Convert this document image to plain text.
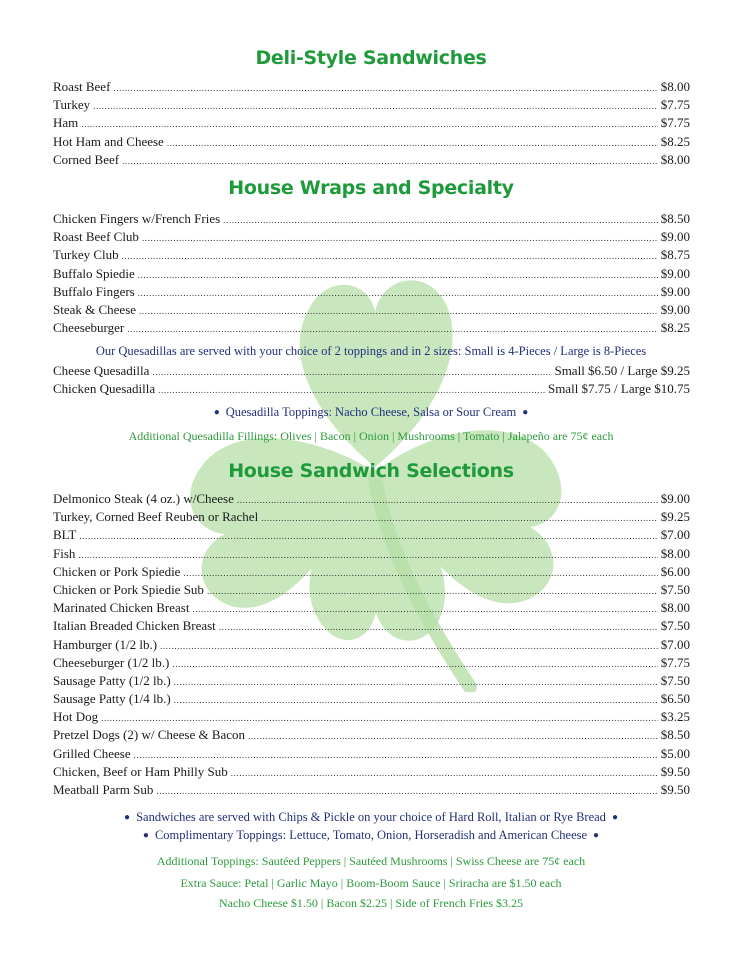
Deli-Style Sandwiches
Roast Beef .....	$8.00
Turkey .....	$7.75
Ham .....	$7.75
Hot Ham and Cheese .....	$8.25
Corned Beef .....	$8.00
House Wraps and Specialty
Chicken Fingers w/French Fries .....	$8.50
Roast Beef Club .....	$9.00
Turkey Club .....	$8.75
Buffalo Spiedie .....	$9.00
Buffalo Fingers .....	$9.00
Steak & Cheese .....	$9.00
Cheeseburger .....	$8.25

Our Quesadillas are served with your choice of 2 toppings and in 2 sizes: Small is 4-Pieces / Large is 8-Pieces

Cheese Quesadilla .....	Small $6.50 / Large $9.25
Chicken Quesadilla .....	Small $7.75 / Large $10.75

● Quesadilla Toppings: Nacho Cheese, Salsa or Sour Cream ●

Additional Quesadilla Fillings: Olives | Bacon | Onion | Mushrooms | Tomato | Jalapeño are 75¢ each

House Sandwich Selections
Delmonico Steak (4 oz.) w/Cheese .....	$9.00
Turkey, Corned Beef Reuben or Rachel .....	$9.25
BLT .....	$7.00
Fish .....	$8.00
Chicken or Pork Spiedie .....	$6.00
Chicken or Pork Spiedie Sub .....	$7.50
Marinated Chicken Breast .....	$8.00
Italian Breaded Chicken Breast .....	$7.50
Hamburger (1/2 lb.) .....	$7.00
Cheeseburger (1/2 lb.) .....	$7.75
Sausage Patty (1/2 lb.) .....	$7.50
Sausage Patty (1/4 lb.) .....	$6.50
Hot Dog .....	$3.25
Pretzel Dogs (2) w/ Cheese & Bacon .....	$8.50
Grilled Cheese .....	$5.00
Chicken, Beef or Ham Philly Sub .....	$9.50
Meatball Parm Sub .....	$9.50

● Sandwiches are served with Chips & Pickle on your choice of Hard Roll, Italian or Rye Bread ●

● Complimentary Toppings: Lettuce, Tomato, Onion, Horseradish and American Cheese ●

Additional Toppings: Sautéed Peppers | Sautéed Mushrooms | Swiss Cheese are 75¢ each

Extra Sauce: Petal | Garlic Mayo | Boom-Boom Sauce | Sriracha are $1.50 each

Nacho Cheese $1.50 | Bacon $2.25 | Side of French Fries $3.25
